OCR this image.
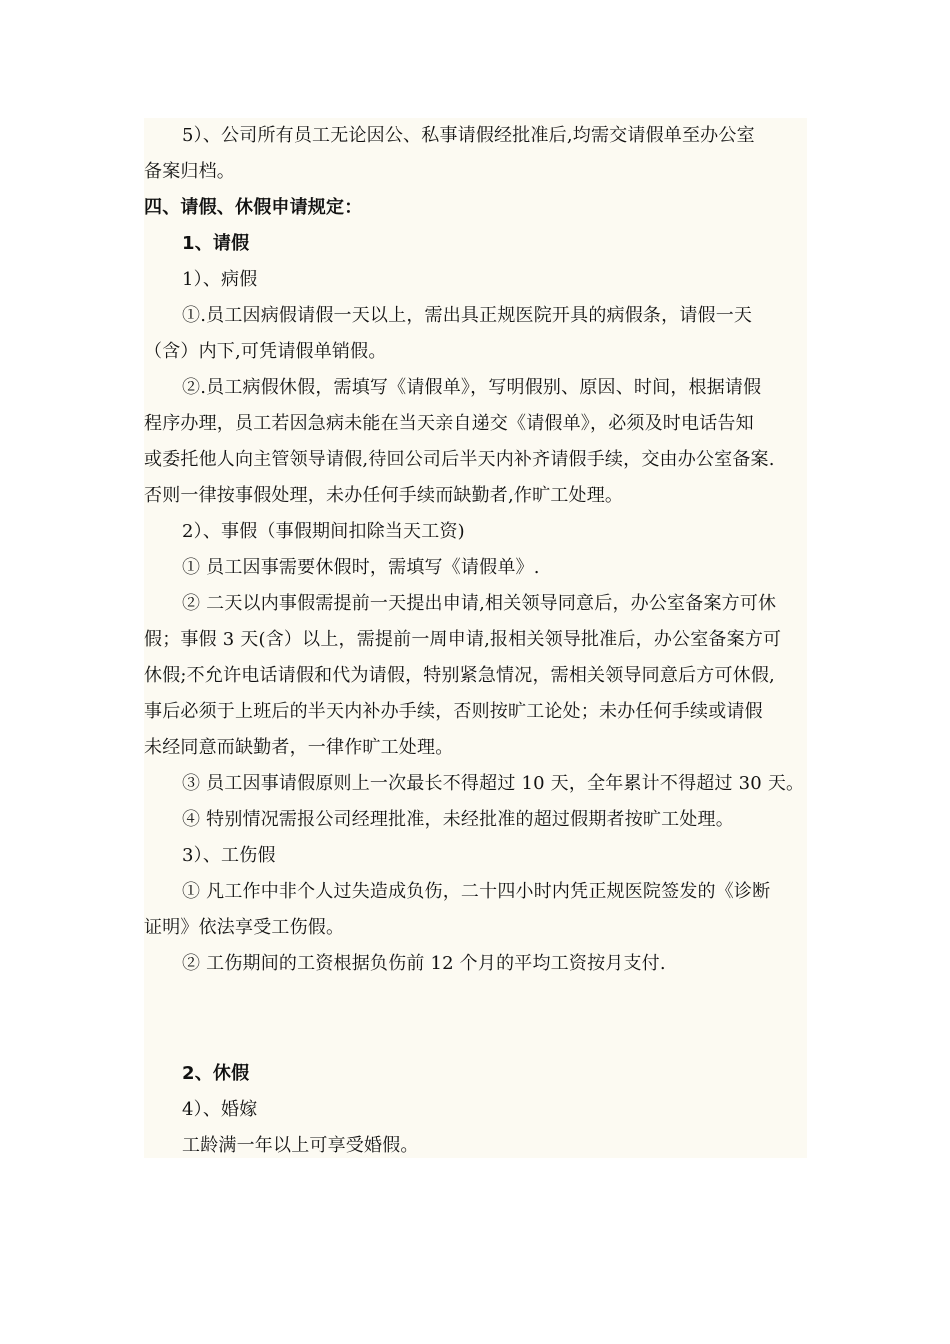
5）、公司所有员工无论因公、私事请假经批准后,均需交请假单至办公室
备案归档。
四、请假、休假申请规定：
1、请假
1）、病假
①.员工因病假请假一天以上，需出具正规医院开具的病假条，请假一天
（含）内下,可凭请假单销假。
②.员工病假休假，需填写《请假单》，写明假别、原因、时间，根据请假
程序办理，员工若因急病未能在当天亲自递交《请假单》，必须及时电话告知
或委托他人向主管领导请假,待回公司后半天内补齐请假手续，交由办公室备案.
否则一律按事假处理，未办任何手续而缺勤者,作旷工处理。
2）、事假（事假期间扣除当天工资)
① 员工因事需要休假时，需填写《请假单》.
② 二天以内事假需提前一天提出申请,相关领导同意后，办公室备案方可休
假；事假 3 天(含）以上，需提前一周申请,报相关领导批准后，办公室备案方可
休假;不允许电话请假和代为请假，特别紧急情况，需相关领导同意后方可休假,
事后必须于上班后的半天内补办手续，否则按旷工论处；未办任何手续或请假
未经同意而缺勤者，一律作旷工处理。
③ 员工因事请假原则上一次最长不得超过 10 天，全年累计不得超过 30 天。
④ 特别情况需报公司经理批准，未经批准的超过假期者按旷工处理。
3）、工伤假
① 凡工作中非个人过失造成负伤，二十四小时内凭正规医院签发的《诊断
证明》依法享受工伤假。
② 工伤期间的工资根据负伤前 12 个月的平均工资按月支付.
2、休假
4）、婚嫁
工龄满一年以上可享受婚假。
